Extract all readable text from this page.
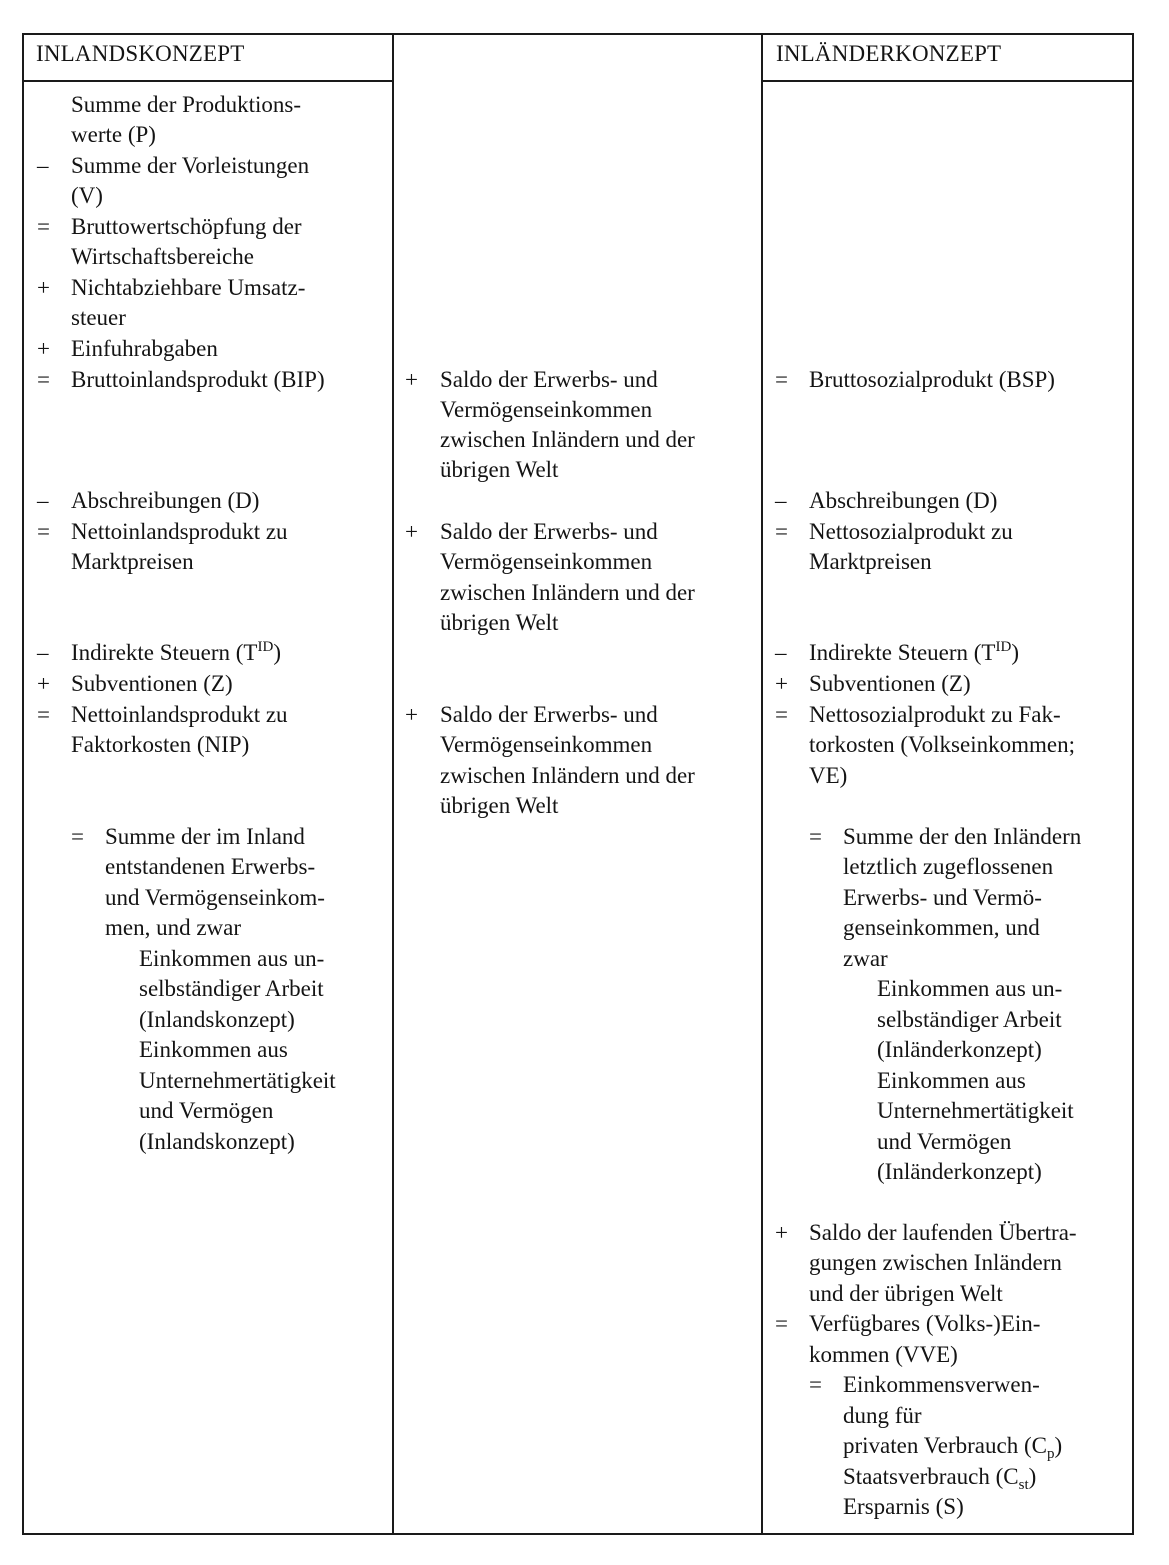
INLANDSKONZEPT	INLÄNDERKONZEPT
Summe der Produktions-
werte (P)
– Summe der Vorleistungen
(V)
= Bruttowertschöpfung der
Wirtschaftsbereiche
+ Nichtabziehbare Umsatz-
steuer
+ Einfuhrabgaben
= Bruttoinlandsprodukt (BIP)
– Abschreibungen (D)
= Nettoinlandsprodukt zu
Marktpreisen
– Indirekte Steuern $(T^{ID})$
+ Subventionen (Z)
= Nettoinlandsprodukt zu
Faktorkosten (NIP)
= Summe der im Inland
entstandenen Erwerbs-
und Vermögenseinkom-
men, und zwar
Einkommen aus un-
selbständiger Arbeit
(Inlandskonzept)
Einkommen aus
Unternehmertätigkeit
und Vermögen
(Inlandskonzept)
+ Saldo der Erwerbs- und
Vermögenseinkommen
zwischen Inländern und der
übrigen Welt
+ Saldo der Erwerbs- und
Vermögenseinkommen
zwischen Inländern und der
übrigen Welt
+ Saldo der Erwerbs- und
Vermögenseinkommen
zwischen Inländern und der
übrigen Welt
= Bruttosozialprodukt (BSP)
– Abschreibungen (D)
= Nettosozialprodukt zu
Marktpreisen
– Indirekte Steuern $(T^{ID})$
+ Subventionen (Z)
= Nettosozialprodukt zu Fak-
torkosten (Volkseinkommen;
VE)
= Summe der den Inländern
letztlich zugeflossenen
Erwerbs- und Vermö-
genseinkommen, und
zwar
Einkommen aus un-
selbständiger Arbeit
(Inländerkonzept)
Einkommen aus
Unternehmertätigkeit
und Vermögen
(Inländerkonzept)
+ Saldo der laufenden Übertra-
gungen zwischen Inländern
und der übrigen Welt
= Verfügbares (Volks-)Ein-
kommen (VVE)
= Einkommensverwen-
dung für
privaten Verbrauch $(C_p)$
Staatsverbrauch $(C_{st})$
Ersparnis (S)
